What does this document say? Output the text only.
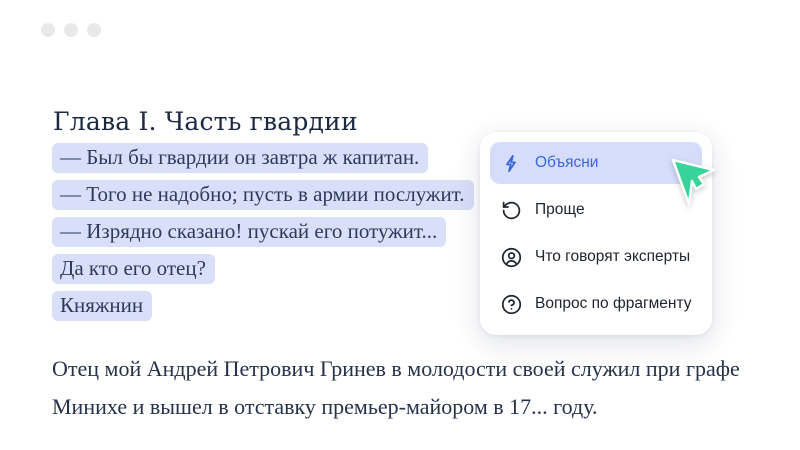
Глава I. Часть гвардии
— Был бы гвардии он завтра ж капитан.
— Того не надобно; пусть в армии послужит.
— Изрядно сказано! пускай его потужит...
Да кто его отец?
Княжнин
Отец мой Андрей Петрович Гринев в молодости своей служил при графе
Минихе и вышел в отставку премьер-майором в 17... году.
Объясни
Проще
Что говорят эксперты
Вопрос по фрагменту
